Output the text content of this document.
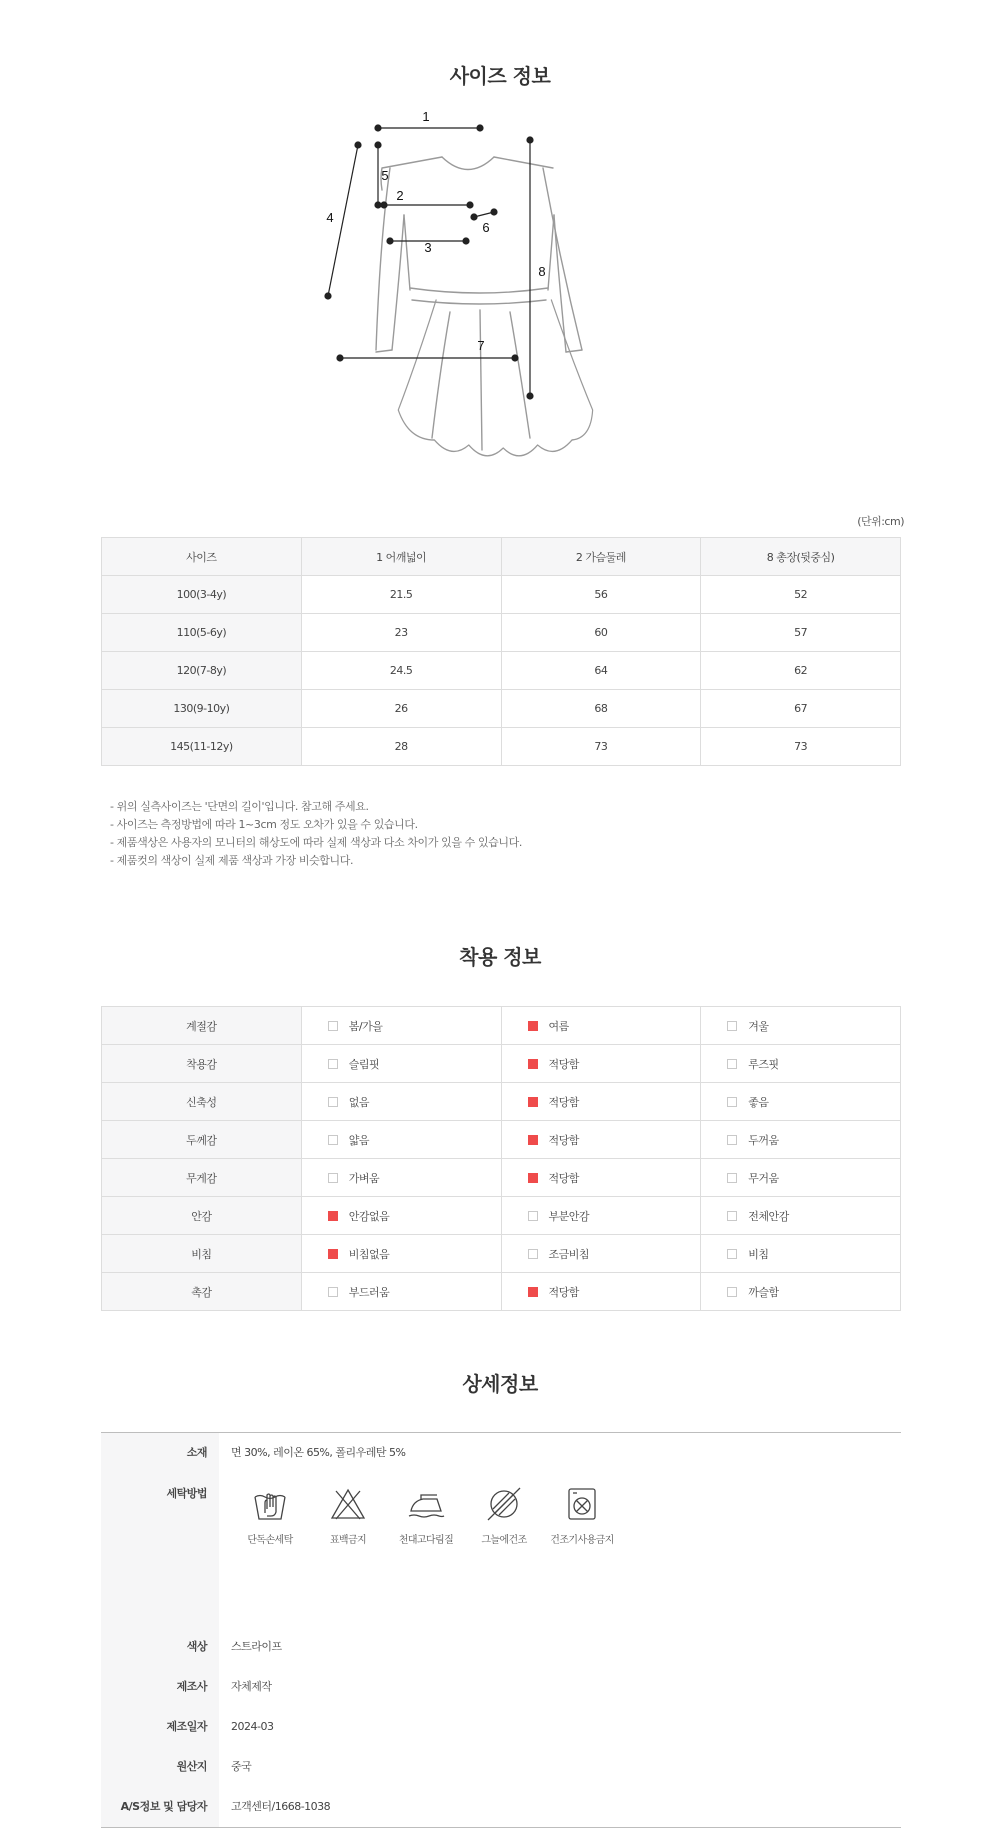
사이즈 정보
1
2
3
4
5
6
7
8
(단위:cm)
사이즈	1 어깨넓이	2 가슴둘레	8 총장(뒷중심)
100(3-4y)	21.5	56	52
110(5-6y)	23	60	57
120(7-8y)	24.5	64	62
130(9-10y)	26	68	67
145(11-12y)	28	73	73
- 위의 실측사이즈는 '단면의 길이'입니다. 참고해 주세요.
- 사이즈는 측정방법에 따라 1~3cm 정도 오차가 있을 수 있습니다.
- 제품색상은 사용자의 모니터의 해상도에 따라 실제 색상과 다소 차이가 있을 수 있습니다.
- 제품컷의 색상이 실제 제품 색상과 가장 비슷합니다.
착용 정보
계절감	봄/가을	여름	겨울
착용감	슬림핏	적당함	루즈핏
신축성	없음	적당함	좋음
두께감	얇음	적당함	두꺼움
무게감	가벼움	적당함	무거움
안감	안감없음	부분안감	전체안감
비침	비침없음	조금비침	비침
촉감	부드러움	적당함	까슬함
상세정보
소재	면 30%, 레이온 65%, 폴리우레탄 5%
세탁방법
단독손세탁	표백금지	천대고다림질	그늘에건조	건조기사용금지
색상	스트라이프
제조사	자체제작
제조일자	2024-03
원산지	중국
A/S정보 및 담당자	고객센터/1668-1038
